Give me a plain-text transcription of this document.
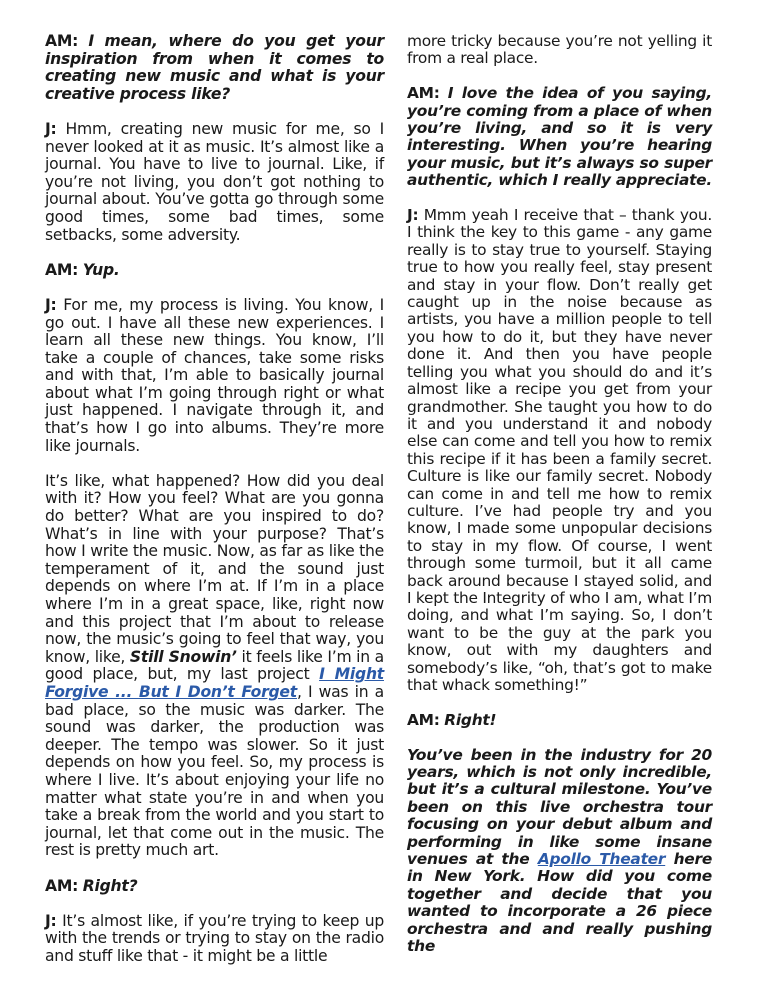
AM: I mean, where do you get your inspiration from when it comes to creating new music and what is your creative process like?

J: Hmm, creating new music for me, so I never looked at it as music. It’s almost like a journal. You have to live to journal. Like, if you’re not living, you don’t got nothing to journal about. You’ve gotta go through some good times, some bad times, some setbacks, some adversity.

AM: Yup.

J: For me, my process is living. You know, I go out. I have all these new experiences. I learn all these new things. You know, I’ll take a couple of chances, take some risks and with that, I’m able to basically journal about what I’m going through right or what just happened. I navigate through it, and that’s how I go into albums. They’re more like journals.

It’s like, what happened? How did you deal with it? How you feel? What are you gonna do better? What are you inspired to do? What’s in line with your purpose? That’s how I write the music. Now, as far as like the temperament of it, and the sound just depends on where I’m at. If I’m in a place where I’m in a great space, like, right now and this project that I’m about to release now, the music’s going to feel that way, you know, like, Still Snowin’ it feels like I’m in a good place, but, my last project I Might Forgive ... But I Don’t Forget, I was in a bad place, so the music was darker. The sound was darker, the production was deeper. The tempo was slower. So it just depends on how you feel. So, my process is where I live. It’s about enjoying your life no matter what state you’re in and when you take a break from the world and you start to journal, let that come out in the music. The rest is pretty much art.

AM: Right?

J: It’s almost like, if you’re trying to keep up with the trends or trying to stay on the radio and stuff like that - it might be a little

more tricky because you’re not yelling it from a real place.

AM: I love the idea of you saying, you’re coming from a place of when you’re living, and so it is very interesting. When you’re hearing your music, but it’s always so super authentic, which I really appreciate.

J: Mmm yeah I receive that – thank you. I think the key to this game - any game really is to stay true to yourself. Staying true to how you really feel, stay present and stay in your flow. Don’t really get caught up in the noise because as artists, you have a million people to tell you how to do it, but they have never done it. And then you have people telling you what you should do and it’s almost like a recipe you get from your grandmother. She taught you how to do it and you understand it and nobody else can come and tell you how to remix this recipe if it has been a family secret. Culture is like our family secret. Nobody can come in and tell me how to remix culture. I’ve had people try and you know, I made some unpopular decisions to stay in my flow. Of course, I went through some turmoil, but it all came back around because I stayed solid, and I kept the Integrity of who I am, what I’m doing, and what I’m saying. So, I don’t want to be the guy at the park you know, out with my daughters and somebody’s like, “oh, that’s got to make that whack something!”

AM: Right!

You’ve been in the industry for 20 years, which is not only incredible, but it’s a cultural milestone. You’ve been on this live orchestra tour focusing on your debut album and performing in like some insane venues at the Apollo Theater here in New York. How did you come together and decide that you wanted to incorporate a 26 piece orchestra and and really pushing the
